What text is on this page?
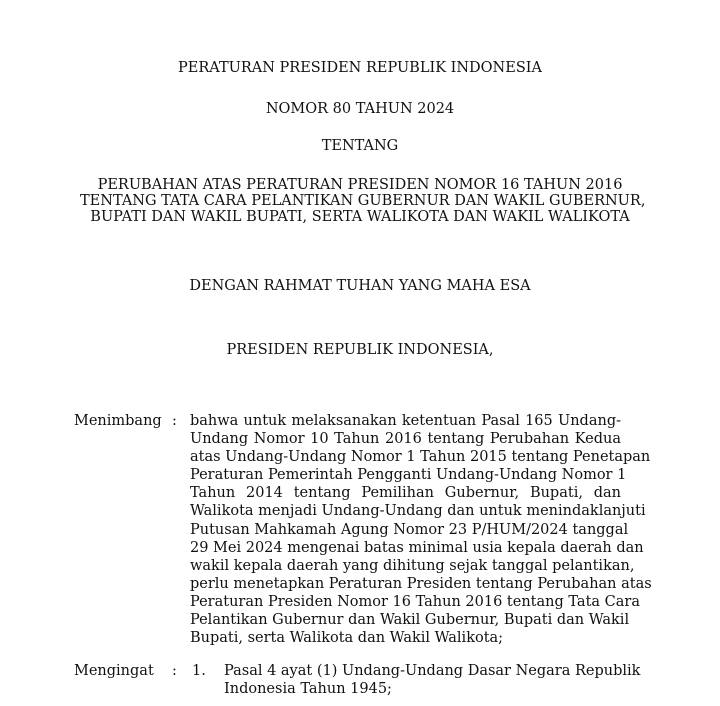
PERATURAN PRESIDEN REPUBLIK INDONESIA
NOMOR 80 TAHUN 2024
TENTANG
PERUBAHAN ATAS PERATURAN PRESIDEN NOMOR 16 TAHUN 2016
TENTANG TATA CARA PELANTIKAN GUBERNUR DAN WAKIL GUBERNUR,
BUPATI DAN WAKIL BUPATI, SERTA WALIKOTA DAN WAKIL WALIKOTA
DENGAN RAHMAT TUHAN YANG MAHA ESA
PRESIDEN REPUBLIK INDONESIA,
Menimbang : bahwa untuk melaksanakan ketentuan Pasal 165 Undang-
Undang Nomor 10 Tahun 2016 tentang Perubahan Kedua
atas Undang-Undang Nomor 1 Tahun 2015 tentang Penetapan
Peraturan Pemerintah Pengganti Undang-Undang Nomor 1
Tahun 2014 tentang Pemilihan Gubernur, Bupati, dan
Walikota menjadi Undang-Undang dan untuk menindaklanjuti
Putusan Mahkamah Agung Nomor 23 P/HUM/2024 tanggal
29 Mei 2024 mengenai batas minimal usia kepala daerah dan
wakil kepala daerah yang dihitung sejak tanggal pelantikan,
perlu menetapkan Peraturan Presiden tentang Perubahan atas
Peraturan Presiden Nomor 16 Tahun 2016 tentang Tata Cara
Pelantikan Gubernur dan Wakil Gubernur, Bupati dan Wakil
Bupati, serta Walikota dan Wakil Walikota;
Mengingat : 1. Pasal 4 ayat (1) Undang-Undang Dasar Negara Republik
Indonesia Tahun 1945;
